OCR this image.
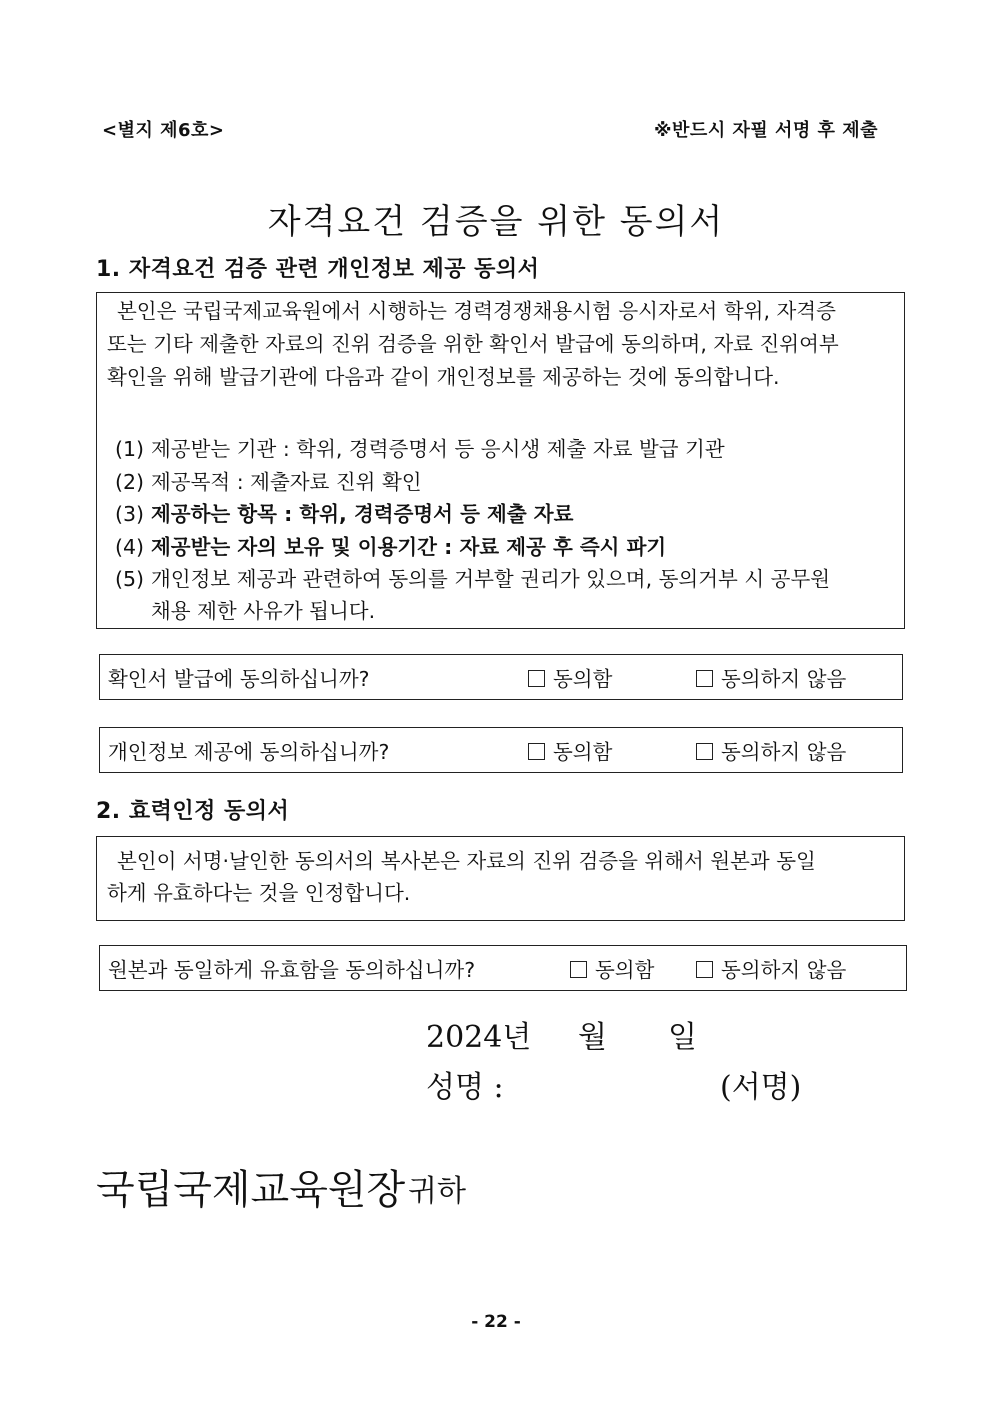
<별지 제6호>	※반드시 자필 서명 후 제출
자격요건 검증을 위한 동의서
1. 자격요건 검증 관련 개인정보 제공 동의서
본인은 국립국제교육원에서 시행하는 경력경쟁채용시험 응시자로서 학위, 자격증
또는 기타 제출한 자료의 진위 검증을 위한 확인서 발급에 동의하며, 자료 진위여부
확인을 위해 발급기관에 다음과 같이 개인정보를 제공하는 것에 동의합니다.
(1) 제공받는 기관 : 학위, 경력증명서 등 응시생 제출 자료 발급 기관
(2) 제공목적 : 제출자료 진위 확인
(3) 제공하는 항목 : 학위, 경력증명서 등 제출 자료
(4) 제공받는 자의 보유 및 이용기간 : 자료 제공 후 즉시 파기
(5) 개인정보 제공과 관련하여 동의를 거부할 권리가 있으며, 동의거부 시 공무원
채용 제한 사유가 됩니다.
확인서 발급에 동의하십니까?	동의함	동의하지 않음
개인정보 제공에 동의하십니까?	동의함	동의하지 않음
2. 효력인정 동의서
본인이 서명·날인한 동의서의 복사본은 자료의 진위 검증을 위해서 원본과 동일
하게 유효하다는 것을 인정합니다.
원본과 동일하게 유효함을 동의하십니까?	동의함	동의하지 않음
2024년 월 일
성명 :	(서명)
국립국제교육원장 귀하
- 22 -
